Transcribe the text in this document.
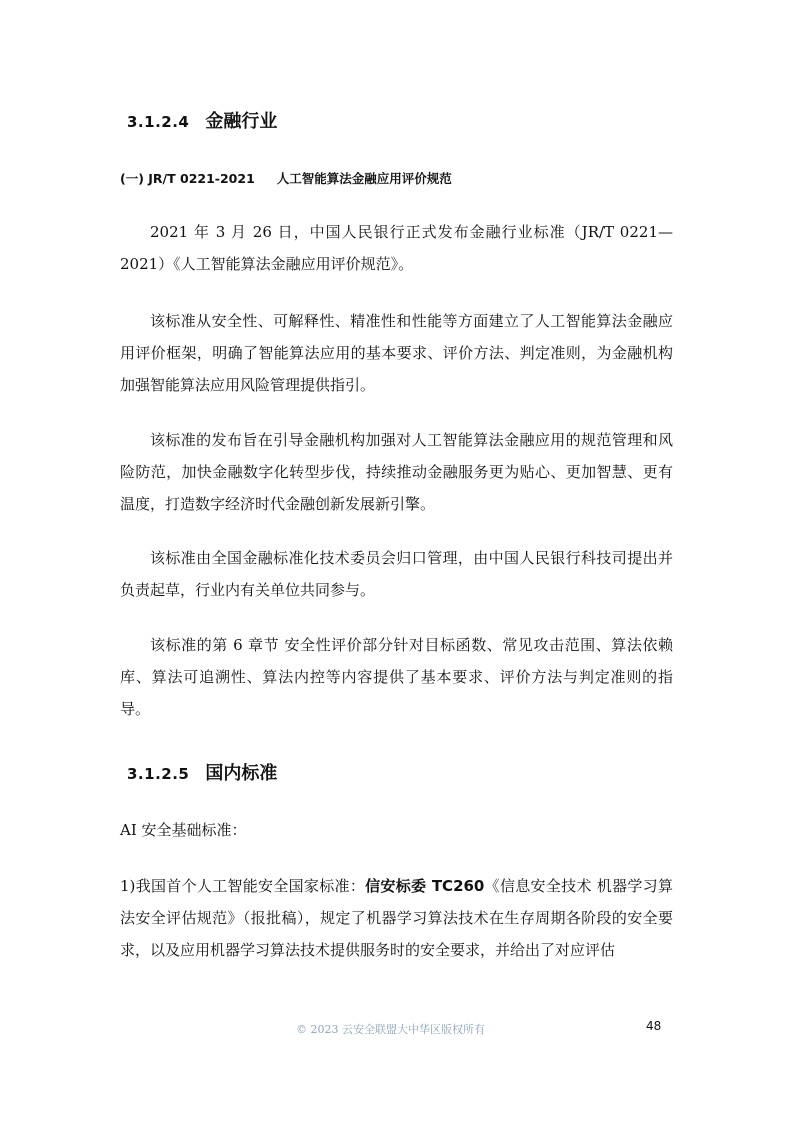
3.1.2.4 金融行业
(一) JR/T 0221-2021 人工智能算法金融应用评价规范

2021 年 3 月 26 日，中国人民银行正式发布金融行业标准（JR/T 0221—2021）《人工智能算法金融应用评价规范》。

该标准从安全性、可解释性、精准性和性能等方面建立了人工智能算法金融应用评价框架，明确了智能算法应用的基本要求、评价方法、判定准则，为金融机构加强智能算法应用风险管理提供指引。

该标准的发布旨在引导金融机构加强对人工智能算法金融应用的规范管理和风险防范，加快金融数字化转型步伐，持续推动金融服务更为贴心、更加智慧、更有温度，打造数字经济时代金融创新发展新引擎。

该标准由全国金融标准化技术委员会归口管理，由中国人民银行科技司提出并负责起草，行业内有关单位共同参与。

该标准的第 6 章节 安全性评价部分针对目标函数、常见攻击范围、算法依赖库、算法可追溯性、算法内控等内容提供了基本要求、评价方法与判定准则的指导。

3.1.2.5 国内标准

AI 安全基础标准：

1)我国首个人工智能安全国家标准：信安标委 TC260《信息安全技术 机器学习算法安全评估规范》（报批稿），规定了机器学习算法技术在生存周期各阶段的安全要求，以及应用机器学习算法技术提供服务时的安全要求，并给出了对应评估

© 2023 云安全联盟大中华区版权所有	48
